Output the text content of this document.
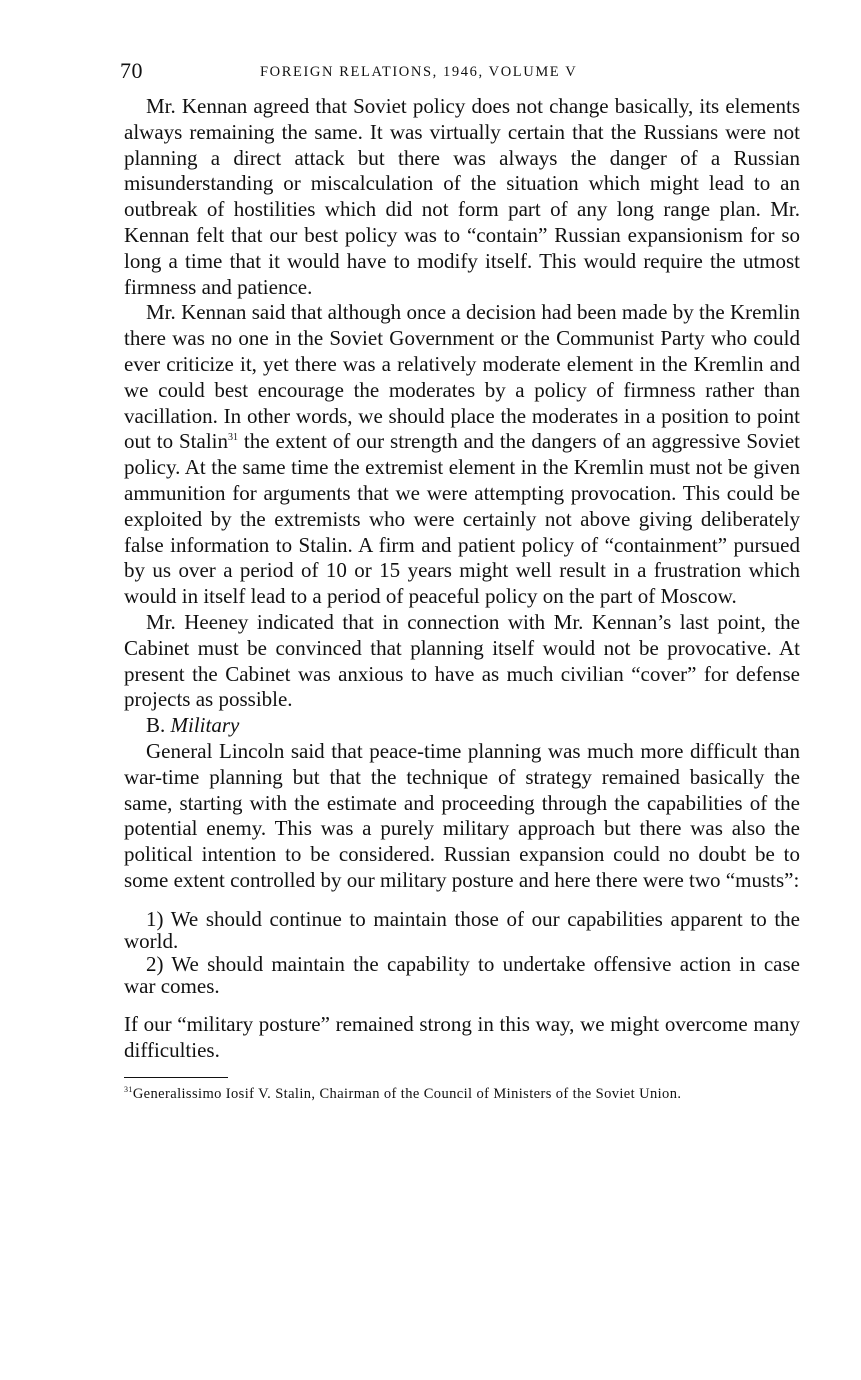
70	FOREIGN RELATIONS, 1946, VOLUME V

Mr. Kennan agreed that Soviet policy does not change basically, its elements always remaining the same. It was virtually certain that the Russians were not planning a direct attack but there was always the danger of a Russian misunderstanding or miscalculation of the situation which might lead to an outbreak of hostilities which did not form part of any long range plan. Mr. Kennan felt that our best policy was to “contain” Russian expansionism for so long a time that it would have to modify itself. This would require the utmost firmness and patience.

Mr. Kennan said that although once a decision had been made by the Kremlin there was no one in the Soviet Government or the Communist Party who could ever criticize it, yet there was a relatively moderate element in the Kremlin and we could best encourage the moderates by a policy of firmness rather than vacillation. In other words, we should place the moderates in a position to point out to Stalin$^{31}$ the extent of our strength and the dangers of an aggressive Soviet policy. At the same time the extremist element in the Kremlin must not be given ammunition for arguments that we were attempting provocation. This could be exploited by the extremists who were certainly not above giving deliberately false information to Stalin. A firm and patient policy of “containment” pursued by us over a period of 10 or 15 years might well result in a frustration which would in itself lead to a period of peaceful policy on the part of Moscow.

Mr. Heeney indicated that in connection with Mr. Kennan’s last point, the Cabinet must be convinced that planning itself would not be provocative. At present the Cabinet was anxious to have as much civilian “cover” for defense projects as possible.

B. Military

General Lincoln said that peace-time planning was much more difficult than war-time planning but that the technique of strategy remained basically the same, starting with the estimate and proceeding through the capabilities of the potential enemy. This was a purely military approach but there was also the political intention to be considered. Russian expansion could no doubt be to some extent controlled by our military posture and here there were two “musts”:

1) We should continue to maintain those of our capabilities apparent to the world.

2) We should maintain the capability to undertake offensive action in case war comes.

If our “military posture” remained strong in this way, we might overcome many difficulties.

$^{31}$Generalissimo Iosif V. Stalin, Chairman of the Council of Ministers of the Soviet Union.
